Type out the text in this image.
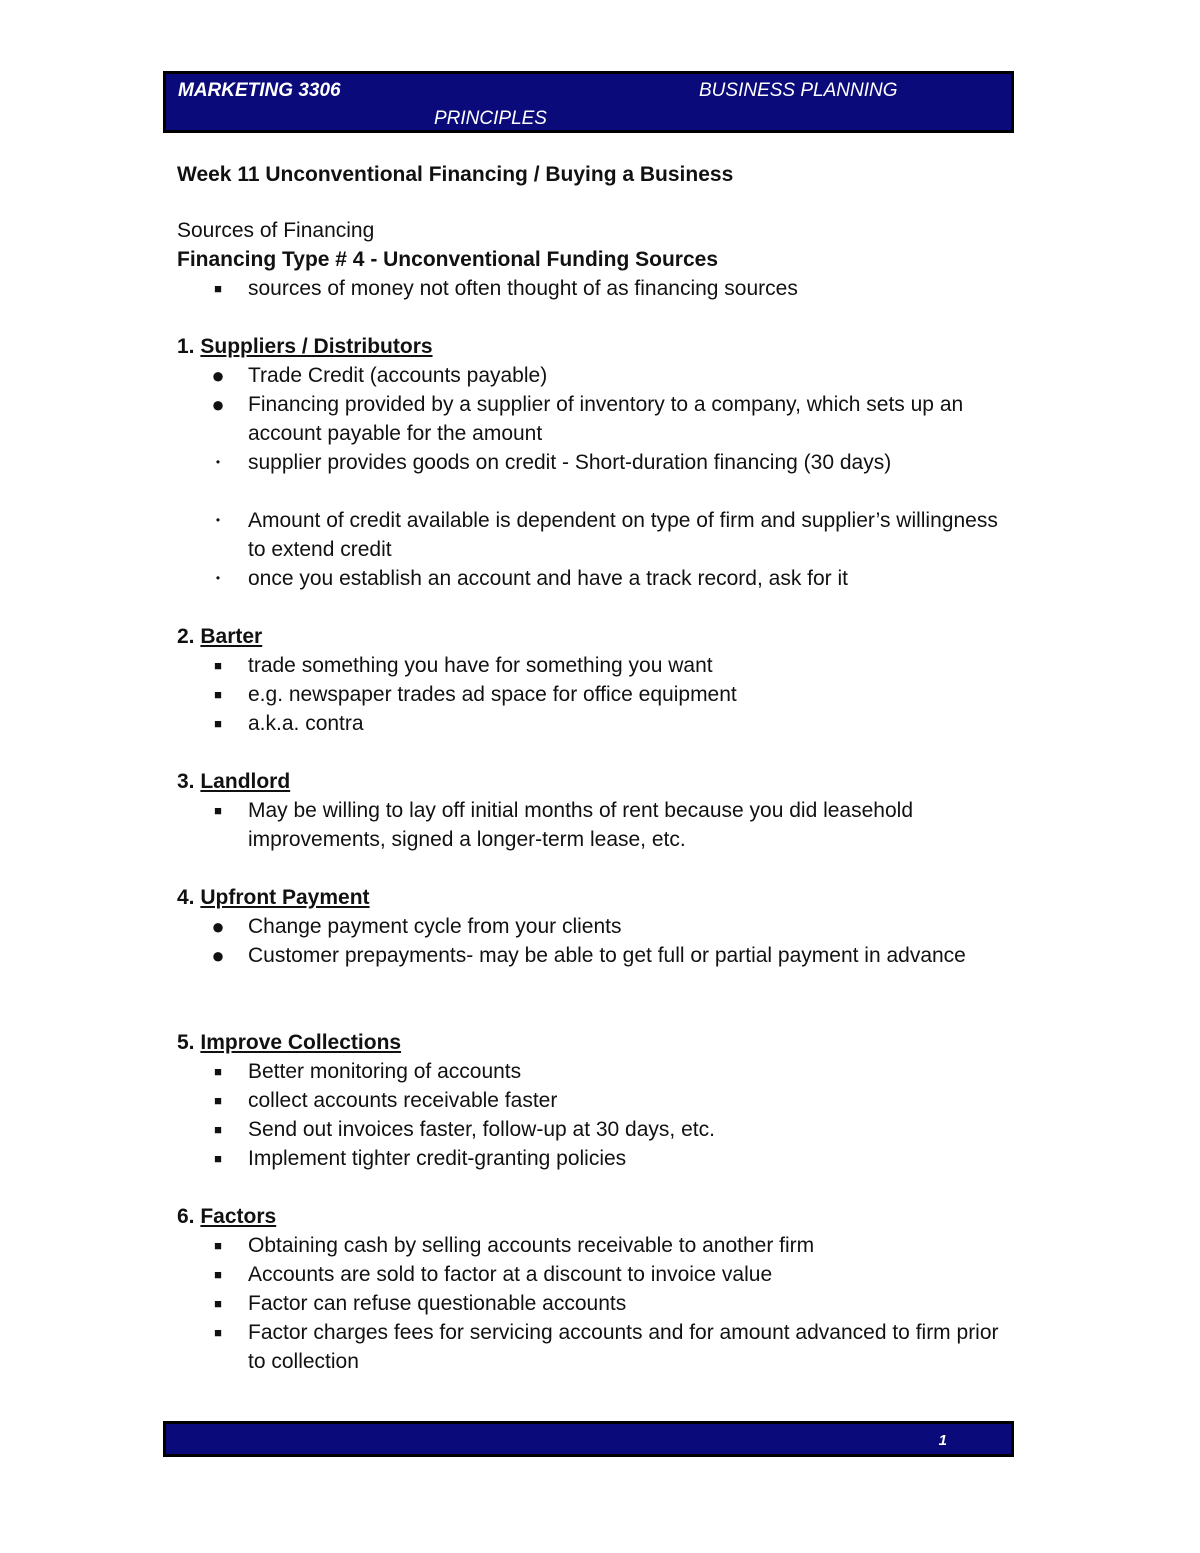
MARKETING 3306	BUSINESS PLANNING
PRINCIPLES

Week 11 Unconventional Financing / Buying a Business

Sources of Financing

Financing Type # 4 - Unconventional Funding Sources

■ sources of money not often thought of as financing sources

1. Suppliers / Distributors

● Trade Credit (accounts payable)
● Financing provided by a supplier of inventory to a company, which sets up an account payable for the amount
• supplier provides goods on credit - Short-duration financing (30 days)
• Amount of credit available is dependent on type of firm and supplier’s willingness to extend credit
• once you establish an account and have a track record, ask for it

2. Barter

■ trade something you have for something you want
■ e.g. newspaper trades ad space for office equipment
■ a.k.a. contra

3. Landlord

■ May be willing to lay off initial months of rent because you did leasehold improvements, signed a longer-term lease, etc.

4. Upfront Payment

● Change payment cycle from your clients
● Customer prepayments- may be able to get full or partial payment in advance

5. Improve Collections

■ Better monitoring of accounts
■ collect accounts receivable faster
■ Send out invoices faster, follow-up at 30 days, etc.
■ Implement tighter credit-granting policies

6. Factors

■ Obtaining cash by selling accounts receivable to another firm
■ Accounts are sold to factor at a discount to invoice value
■ Factor can refuse questionable accounts
■ Factor charges fees for servicing accounts and for amount advanced to firm prior to collection
1
